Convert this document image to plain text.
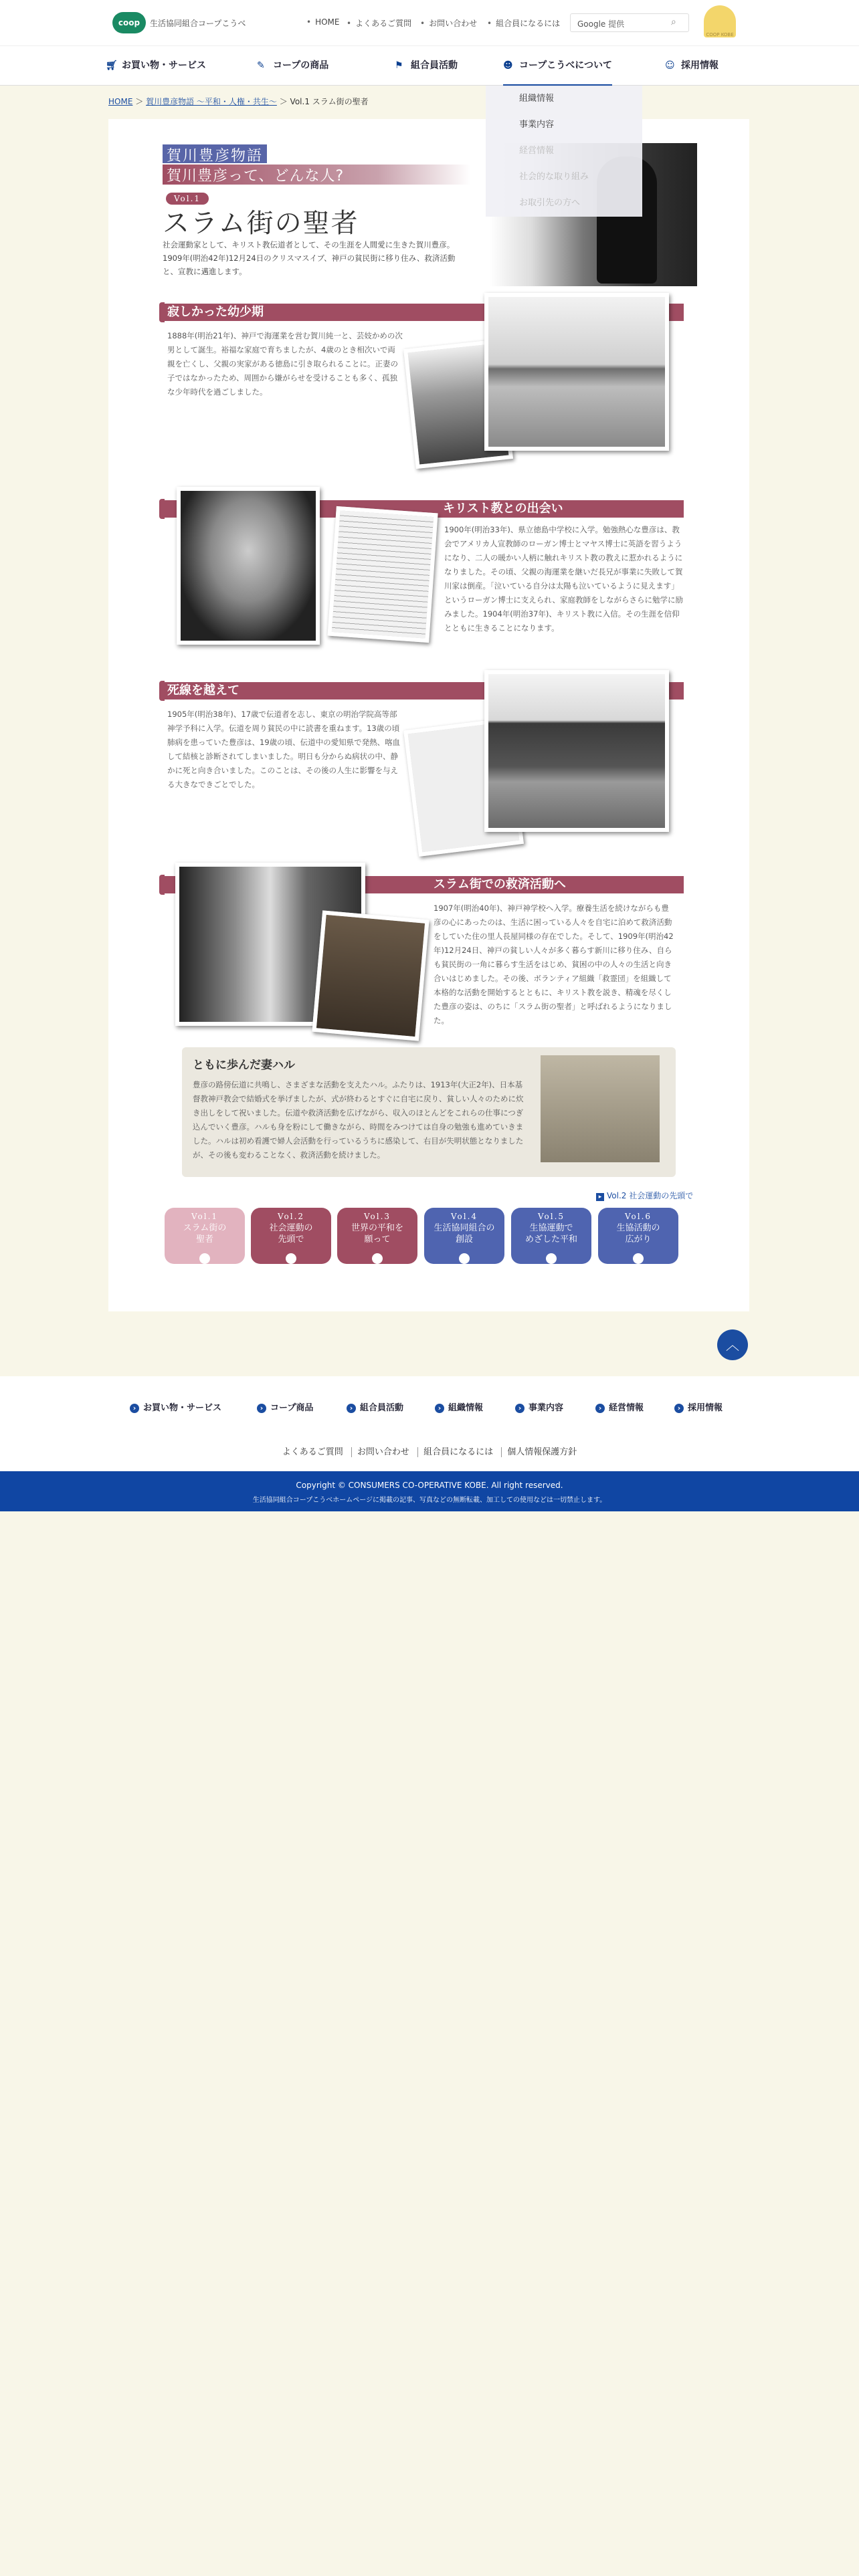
coop	生活協同組合コープこうべ	• HOME	• よくあるご質問	• お問い合わせ	• 組合員になるには Google 提供	⌕
COOP KOBE
🛒︎ お買い物・サービス	✎ コープの商品	⚑ 組合員活動	☻ コープこうべについて	☺ 採用情報
HOME ＞ 賀川豊彦物語 ～平和・人権・共生～ ＞ Vol.1 スラム街の聖者
賀川豊彦物語
賀川豊彦って、どんな人?
Vol.1
スラム街の聖者
社会運動家として、キリスト教伝道者として、その生涯を人間愛に生きた賀川豊彦。1909年(明治42年)12月24日のクリスマスイブ、神戸の貧民街に移り住み、救済活動と、宣教に邁進します。
寂しかった幼少期
1888年(明治21年)、神戸で海運業を営む賀川純一と、芸妓かめの次男として誕生。裕福な家庭で育ちましたが、4歳のとき相次いで両親を亡くし、父親の実家がある徳島に引き取られることに。正妻の子ではなかったため、周囲から嫌がらせを受けることも多く、孤独な少年時代を過ごしました。
キリスト教との出会い
1900年(明治33年)、県立徳島中学校に入学。勉強熱心な豊彦は、教会でアメリカ人宣教師のローガン博士とマヤス博士に英語を習うようになり、二人の暖かい人柄に触れキリスト教の教えに惹かれるようになりました。その頃、父親の海運業を継いだ長兄が事業に失敗して賀川家は倒産。「泣いている自分は太陽も泣いているように見えます」というローガン博士に支えられ、家庭教師をしながらさらに勉学に励みました。1904年(明治37年)、キリスト教に入信。その生涯を信仰とともに生きることになります。
死線を越えて
1905年(明治38年)、17歳で伝道者を志し、東京の明治学院高等部神学予科に入学。伝道を周り貧民の中に読書を重ねます。13歳の頃肺病を患っていた豊彦は、19歳の頃、伝道中の愛知県で発熱、喀血して結核と診断されてしまいました。明日も分からぬ病状の中、静かに死と向き合いました。このことは、その後の人生に影響を与える大きなできごとでした。
スラム街での救済活動へ
1907年(明治40年)、神戸神学校へ入学。療養生活を続けながらも豊彦の心にあったのは、生活に困っている人々を自宅に泊めて救済活動をしていた住の里人長屋同様の存在でした。そして、1909年(明治42年)12月24日、神戸の貧しい人々が多く暮らす新川に移り住み、自らも貧民街の一角に暮らす生活をはじめ、貧困の中の人々の生活と向き合いはじめました。その後、ボランティア組織「救霊団」を組織して本格的な活動を開始するとともに、キリスト教を説き、精魂を尽くした豊彦の姿は、のちに「スラム街の聖者」と呼ばれるようになりました。
ともに歩んだ妻ハル
豊彦の路傍伝道に共鳴し、さまざまな活動を支えたハル。ふたりは、1913年(大正2年)、日本基督教神戸教会で結婚式を挙げましたが、式が終わるとすぐに自宅に戻り、貧しい人々のために炊き出しをして祝いました。伝道や救済活動を広げながら、収入のほとんどをこれらの仕事につぎ込んでいく豊彦。ハルも身を粉にして働きながら、時間をみつけては自身の勉強も進めていきました。ハルは初め看護で婦人会活動を行っているうちに感染して、右目が失明状態となりましたが、その後も変わることなく、救済活動を続けました。
▸ Vol.2 社会運動の先頭で
Vol.1
スラム街の
聖者
›
Vol.2
社会運動の
先頭で
›
Vol.3
世界の平和を
願って
›
Vol.4
生活協同組合の
創設
›
Vol.5
生協運動で
めざした平和
›
Vol.6
生協活動の
広がり
›
組織情報
事業内容
経営情報
社会的な取り組み
お取引先の方へ
︿
› お買い物・サービス	› コープ商品	› 組合員活動	› 組織情報	› 事業内容	› 経営情報	› 採用情報
よくあるご質問 お問い合わせ 組合員になるには 個人情報保護方針
Copyright © CONSUMERS CO-OPERATIVE KOBE. All right reserved.
生活協同組合コープこうべホームページに掲載の記事、写真などの無断転載、加工しての使用などは一切禁止します。
